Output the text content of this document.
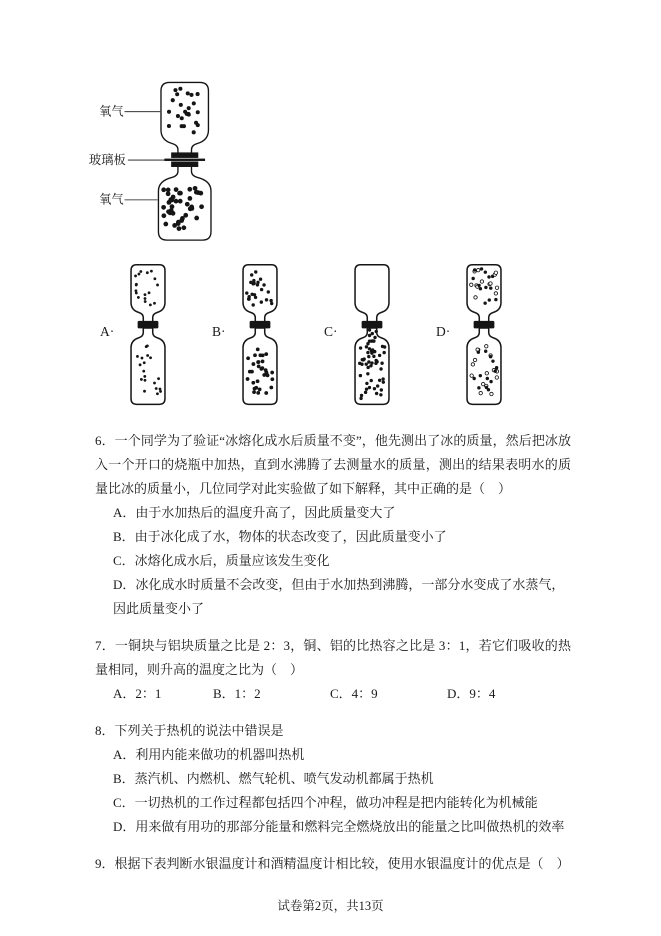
氧气
玻璃板
氧气
A·	B·	C·	D·

6．一个同学为了验证“冰熔化成水后质量不变”，他先测出了冰的质量，然后把冰放入一个开口的烧瓶中加热，直到水沸腾了去测量水的质量，测出的结果表明水的质量比冰的质量小，几位同学对此实验做了如下解释，其中正确的是（　）

A．由于水加热后的温度升高了，因此质量变大了

B．由于冰化成了水，物体的状态改变了，因此质量变小了

C．冰熔化成水后，质量应该发生变化

D．冰化成水时质量不会改变，但由于水加热到沸腾，一部分水变成了水蒸气，因此质量变小了

7．一铜块与铝块质量之比是 2：3，铜、铝的比热容之比是 3：1，若它们吸收的热量相同，则升高的温度之比为（　）

A．2：1	B．1：2	C．4：9	D．9：4

8．下列关于热机的说法中错误是

A．利用内能来做功的机器叫热机

B．蒸汽机、内燃机、燃气轮机、喷气发动机都属于热机

C．一切热机的工作过程都包括四个冲程，做功冲程是把内能转化为机械能

D．用来做有用功的那部分能量和燃料完全燃烧放出的能量之比叫做热机的效率

9．根据下表判断水银温度计和酒精温度计相比较，使用水银温度计的优点是（　）

试卷第2页，共13页
